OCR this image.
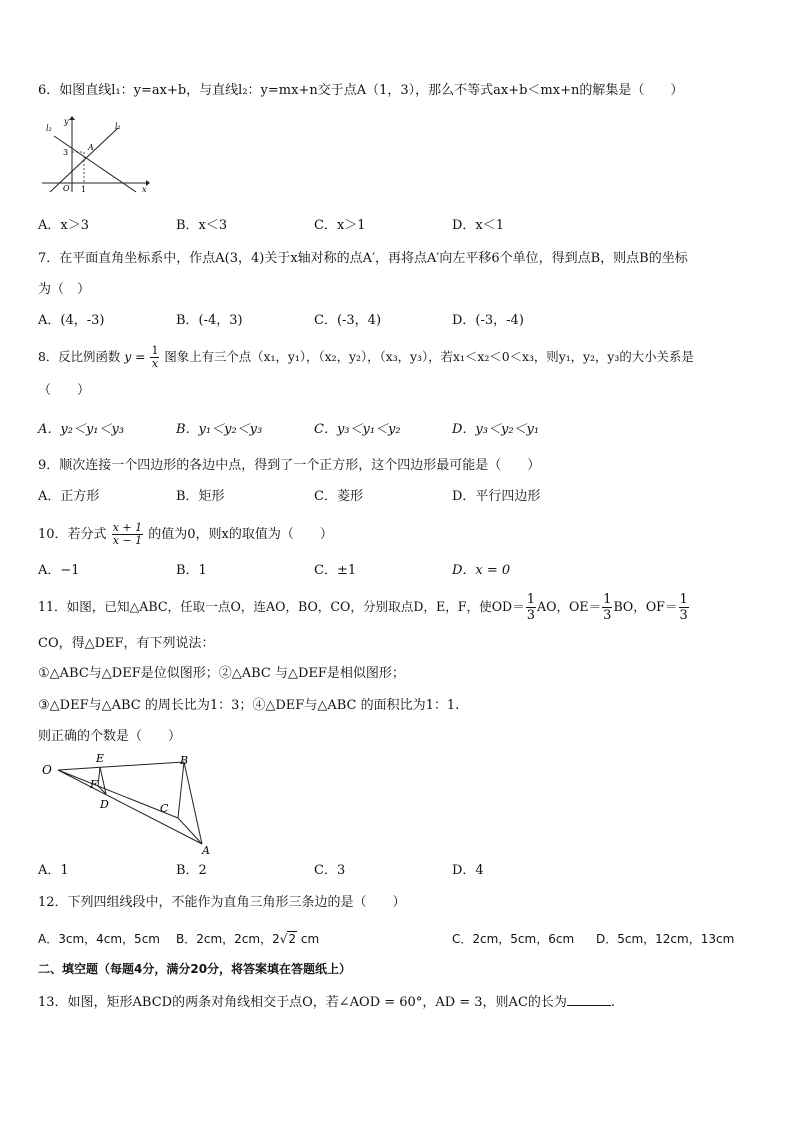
6．如图直线l₁：y=ax+b，与直线l₂：y=mx+n交于点A（1，3），那么不等式ax+b＜mx+n的解集是（　　）
l₂	l₁
y
x
O
A
3
1
A．x＞3	B．x＜3	C．x＞1	D．x＜1
7．在平面直角坐标系中，作点A(3，4)关于x轴对称的点A′，再将点A′向左平移6个单位，得到点B，则点B的坐标
为（　）
A．(4，-3)	B．(-4，3)	C．(-3，4)	D．(-3，-4)
8．反比例函数 $y = \frac{1}{x}$ 图象上有三个点（x₁，y₁），（x₂，y₂），（x₃，y₃），若x₁＜x₂＜0＜x₃，则y₁，y₂，y₃的大小关系是
（　　）
A．y₂＜y₁＜y₃	B．y₁＜y₂＜y₃	C．y₃＜y₁＜y₂	D．y₃＜y₂＜y₁
9．顺次连接一个四边形的各边中点，得到了一个正方形，这个四边形最可能是（　　）
A．正方形	B．矩形	C．菱形	D．平行四边形
10．若分式 $\frac{x + 1}{x - 1}$ 的值为0，则x的取值为（　　）
A．−1	B．1	C．±1	D．x = 0
11．如图，已知△ABC，任取一点O，连AO，BO，CO，分别取点D，E，F，使$OD= \frac{1}{3}$ AO，$OE= \frac{1}{3}$ BO，$OF= \frac{1}{3}$
CO，得△DEF，有下列说法：
①△ABC与△DEF是位似图形；②△ABC 与△DEF是相似图形；
③△DEF与△ABC 的周长比为1：3；④△DEF与△ABC 的面积比为1：1.
则正确的个数是（　　）
O
E
F
D
B
C
A
A．1	B．2	C．3	D．4
12．下列四组线段中，不能作为直角三角形三条边的是（　　）
A．3cm，4cm，5cm B．2cm，2cm，2√2 cm	C．2cm，5cm，6cm D．5cm，12cm，13cm
二、填空题（每题4分，满分20分，将答案填在答题纸上）
13．如图，矩形ABCD的两条对角线相交于点O，若∠AOD = 60°，AD = 3，则AC的长为	.
